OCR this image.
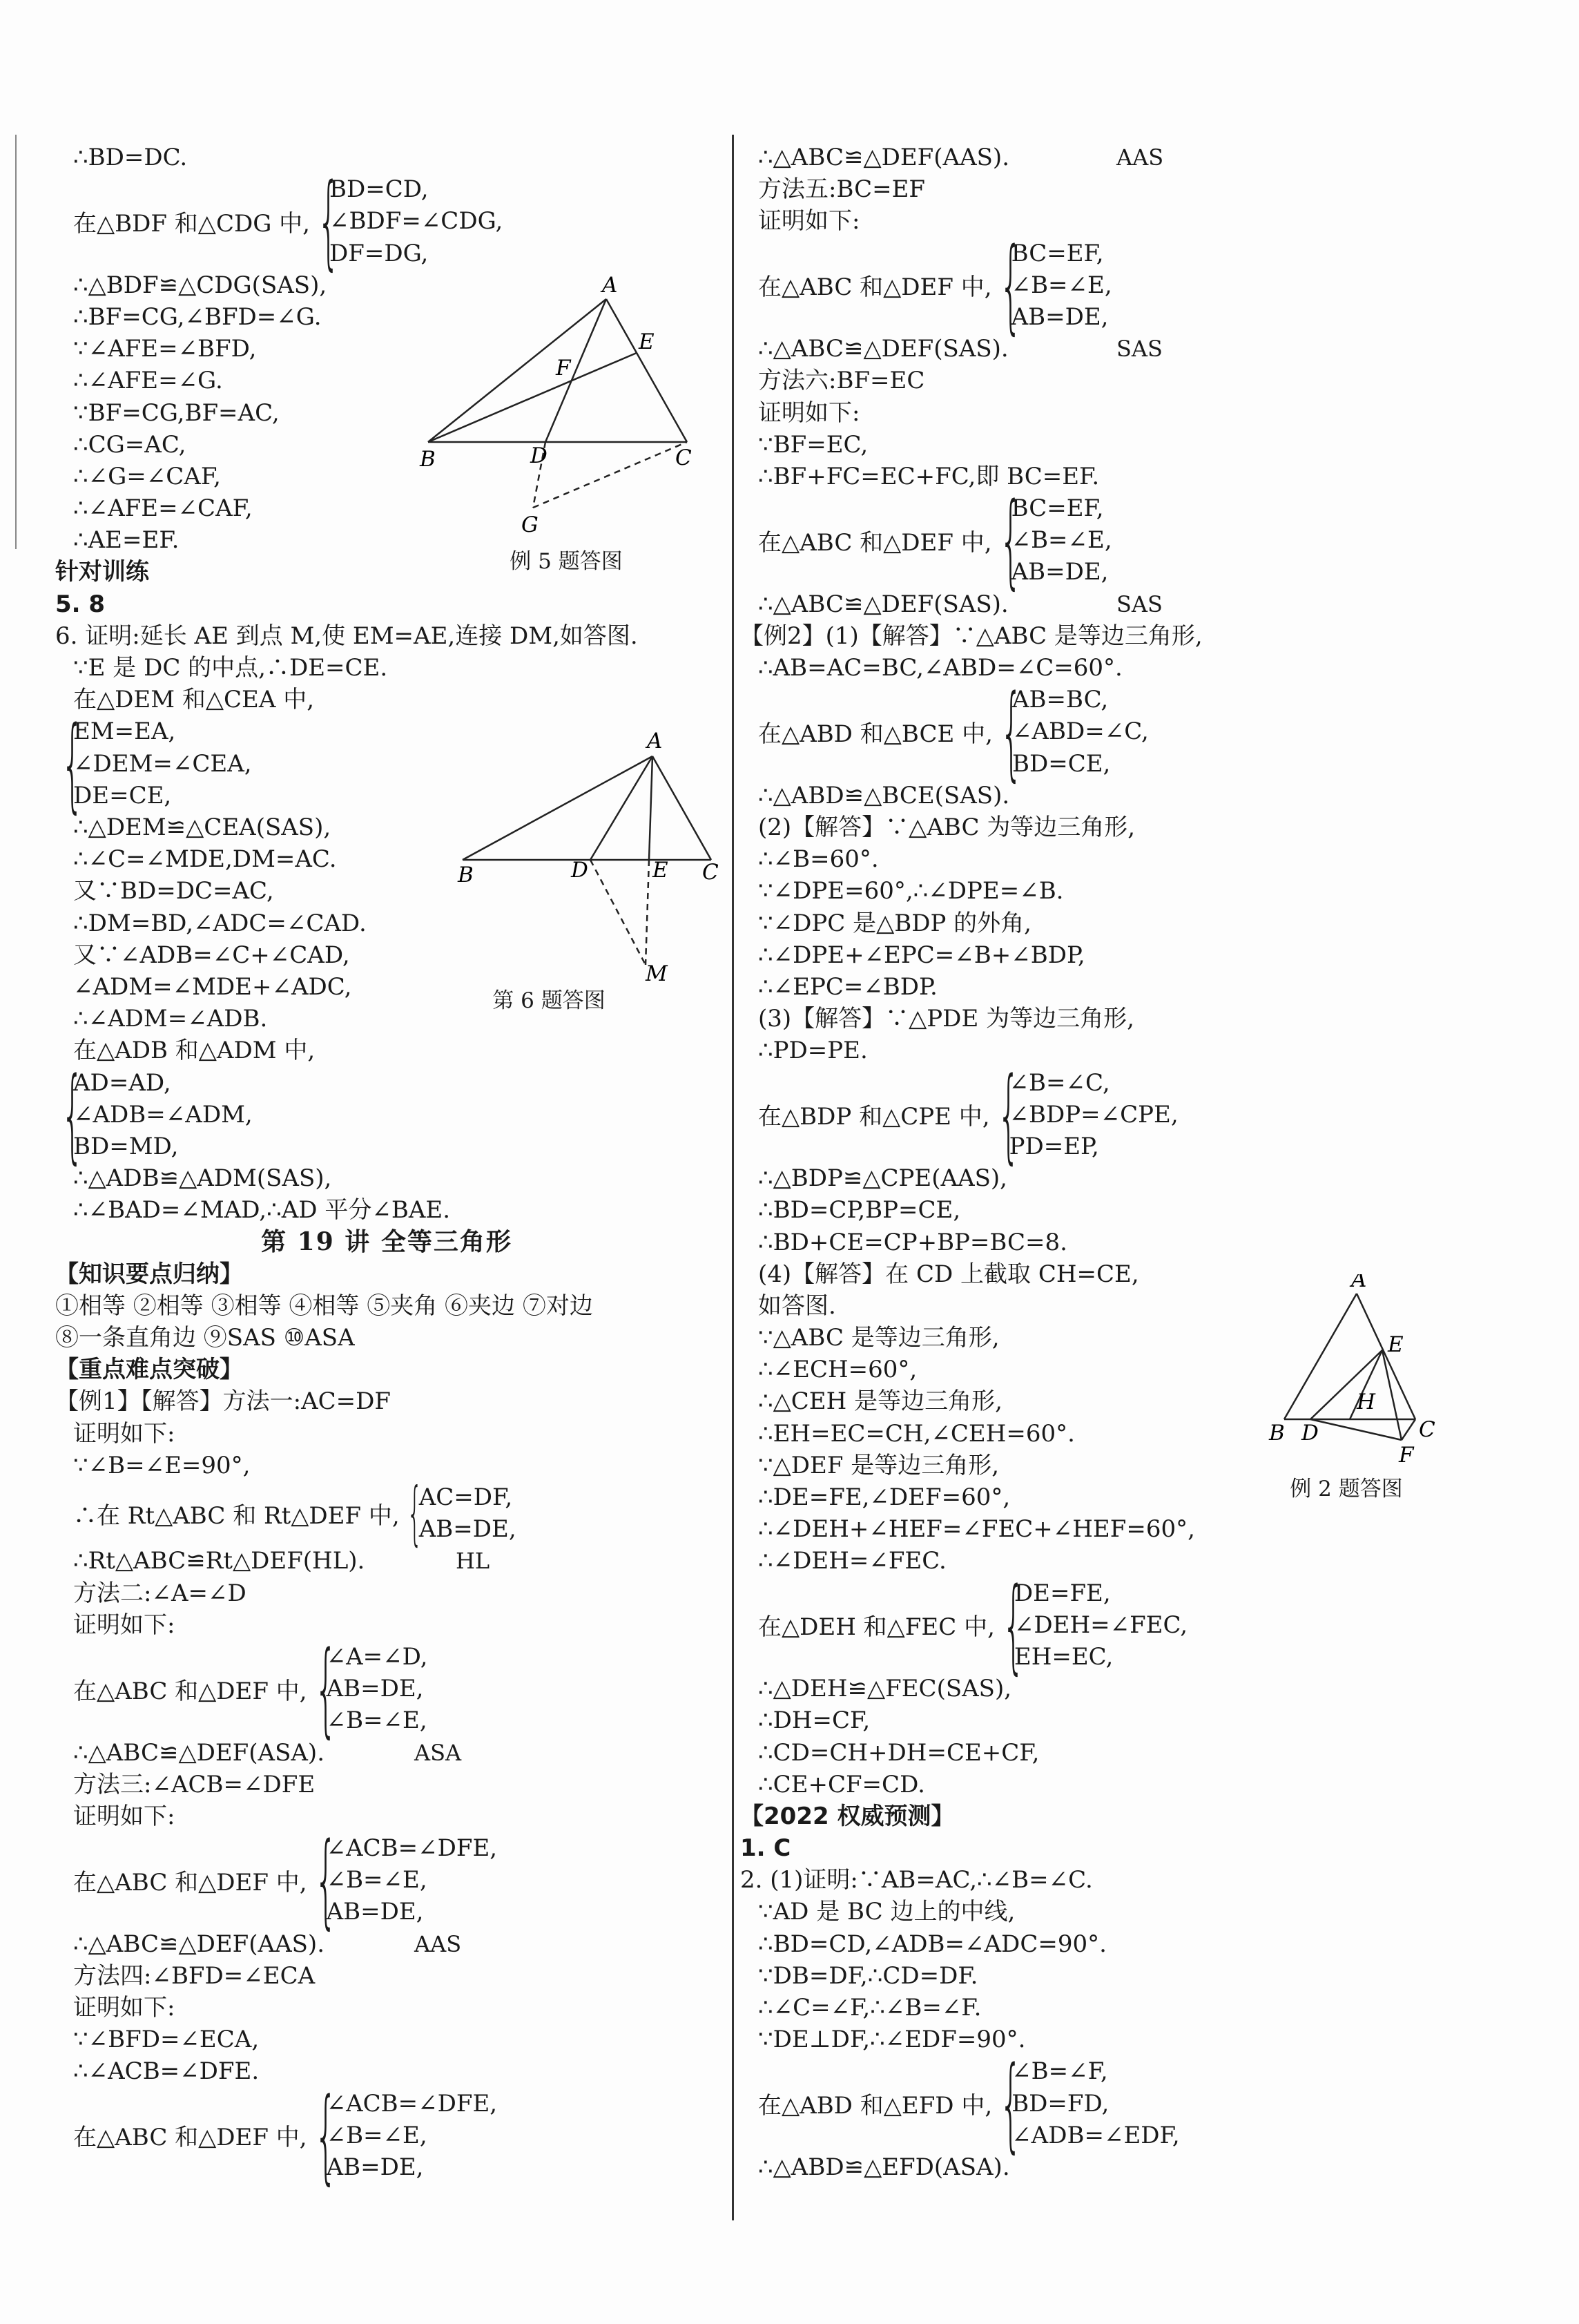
∴BD=DC.
在△BDF 和△CDG 中, {
BD=CD,
∠BDF=∠CDG,
DF=DG,
∴△BDF≌△CDG(SAS),
∴BF=CG,∠BFD=∠G.
∵∠AFE=∠BFD,
∴∠AFE=∠G.
∵BF=CG,BF=AC,
∴CG=AC,
∴∠G=∠CAF,
∴∠AFE=∠CAF,
∴AE=EF.
针对训练
5. 8
6. 证明:延长 AE 到点 M,使 EM=AE,连接 DM,如答图.
∵E 是 DC 的中点,∴DE=CE.
在△DEM 和△CEA 中,
{
EM=EA,
∠DEM=∠CEA,
DE=CE,
∴△DEM≌△CEA(SAS),
∴∠C=∠MDE,DM=AC.
又∵BD=DC=AC,
∴DM=BD,∠ADC=∠CAD.
又∵∠ADB=∠C+∠CAD,
∠ADM=∠MDE+∠ADC,
∴∠ADM=∠ADB.
在△ADB 和△ADM 中,
{
AD=AD,
∠ADB=∠ADM,
BD=MD,
∴△ADB≌△ADM(SAS),
∴∠BAD=∠MAD,∴AD 平分∠BAE.
第 19 讲 全等三角形
【知识要点归纳】
①相等 ②相等 ③相等 ④相等 ⑤夹角 ⑥夹边 ⑦对边
⑧一条直角边 ⑨SAS ⑩ASA
【重点难点突破】
【例1】【解答】方法一:AC=DF
证明如下:
∵∠B=∠E=90°,
∴在 Rt△ABC 和 Rt△DEF 中, {
AC=DF,
AB=DE,
∴Rt△ABC≌Rt△DEF(HL).	HL
方法二:∠A=∠D
证明如下:
在△ABC 和△DEF 中, {
∠A=∠D,
AB=DE,
∠B=∠E,
∴△ABC≌△DEF(ASA).	ASA
方法三:∠ACB=∠DFE
证明如下:
在△ABC 和△DEF 中, {
∠ACB=∠DFE,
∠B=∠E,
AB=DE,
∴△ABC≌△DEF(AAS).	AAS
方法四:∠BFD=∠ECA
证明如下:
∵∠BFD=∠ECA,
∴∠ACB=∠DFE.
在△ABC 和△DEF 中, {
∠ACB=∠DFE,
∠B=∠E,
AB=DE,
∴△ABC≌△DEF(AAS).	AAS
方法五:BC=EF
证明如下:
在△ABC 和△DEF 中, {
BC=EF,
∠B=∠E,
AB=DE,
∴△ABC≌△DEF(SAS).	SAS
方法六:BF=EC
证明如下:
∵BF=EC,
∴BF+FC=EC+FC,即 BC=EF.
在△ABC 和△DEF 中, {
BC=EF,
∠B=∠E,
AB=DE,
∴△ABC≌△DEF(SAS).	SAS
【例2】(1)【解答】∵△ABC 是等边三角形,
∴AB=AC=BC,∠ABD=∠C=60°.
在△ABD 和△BCE 中, {
AB=BC,
∠ABD=∠C,
BD=CE,
∴△ABD≌△BCE(SAS).
(2)【解答】∵△ABC 为等边三角形,
∴∠B=60°.
∵∠DPE=60°,∴∠DPE=∠B.
∵∠DPC 是△BDP 的外角,
∴∠DPE+∠EPC=∠B+∠BDP,
∴∠EPC=∠BDP.
(3)【解答】∵△PDE 为等边三角形,
∴PD=PE.
在△BDP 和△CPE 中, {
∠B=∠C,
∠BDP=∠CPE,
PD=EP,
∴△BDP≌△CPE(AAS),
∴BD=CP,BP=CE,
∴BD+CE=CP+BP=BC=8.
(4)【解答】在 CD 上截取 CH=CE,
如答图.
∵△ABC 是等边三角形,
∴∠ECH=60°,
∴△CEH 是等边三角形,
∴EH=EC=CH,∠CEH=60°.
∵△DEF 是等边三角形,
∴DE=FE,∠DEF=60°,
∴∠DEH+∠HEF=∠FEC+∠HEF=60°,
∴∠DEH=∠FEC.
在△DEH 和△FEC 中, {
DE=FE,
∠DEH=∠FEC,
EH=EC,
∴△DEH≌△FEC(SAS),
∴DH=CF,
∴CD=CH+DH=CE+CF,
∴CE+CF=CD.
【2022 权威预测】
1. C
2. (1)证明:∵AB=AC,∴∠B=∠C.
∵AD 是 BC 边上的中线,
∴BD=CD,∠ADB=∠ADC=90°.
∵DB=DF,∴CD=DF.
∴∠C=∠F,∴∠B=∠F.
∵DE⊥DF,∴∠EDF=90°.
在△ABD 和△EFD 中, {
∠B=∠F,
BD=FD,
∠ADB=∠EDF,
∴△ABD≌△EFD(ASA).
A
E
F
B	D	C
G
例 5 题答图
A
B	D	E C
M
第 6 题答图
A
E
H
B D	C
F
例 2 题答图
